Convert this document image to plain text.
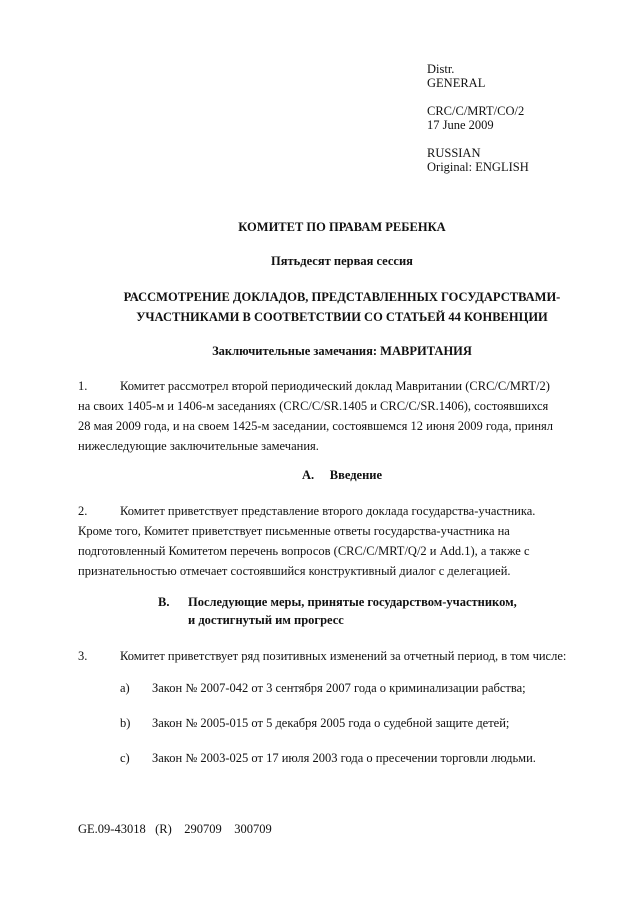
Distr.
GENERAL
CRC/C/MRT/CO/2
17 June 2009
RUSSIAN
Original: ENGLISH
КОМИТЕТ ПО ПРАВАМ РЕБЕНКА
Пятьдесят первая сессия
РАССМОТРЕНИЕ ДОКЛАДОВ, ПРЕДСТАВЛЕННЫХ ГОСУДАРСТВАМИ-
УЧАСТНИКАМИ В СООТВЕТСТВИИ СО СТАТЬЕЙ 44 КОНВЕНЦИИ
Заключительные замечания: МАВРИТАНИЯ
1.	Комитет рассмотрел второй периодический доклад Мавритании (CRC/C/MRT/2)
на своих 1405-м и 1406-м заседаниях (CRC/C/SR.1405 и CRC/C/SR.1406), состоявшихся
28 мая 2009 года, и на своем 1425-м заседании, состоявшемся 12 июня 2009 года, принял
нижеследующие заключительные замечания.
A. Введение
2.	Комитет приветствует представление второго доклада государства-участника.
Кроме того, Комитет приветствует письменные ответы государства-участника на
подготовленный Комитетом перечень вопросов (CRC/C/MRT/Q/2 и Add.1), а также с
признательностью отмечает состоявшийся конструктивный диалог с делегацией.
B. Последующие меры, принятые государством-участником,
и достигнутый им прогресс
3.	Комитет приветствует ряд позитивных изменений за отчетный период, в том числе:
a) Закон № 2007-042 от 3 сентября 2007 года о криминализации рабства;
b) Закон № 2005-015 от 5 декабря 2005 года о судебной защите детей;
c) Закон № 2003-025 от 17 июля 2003 года о пресечении торговли людьми.
GE.09-43018   (R)    290709    300709
